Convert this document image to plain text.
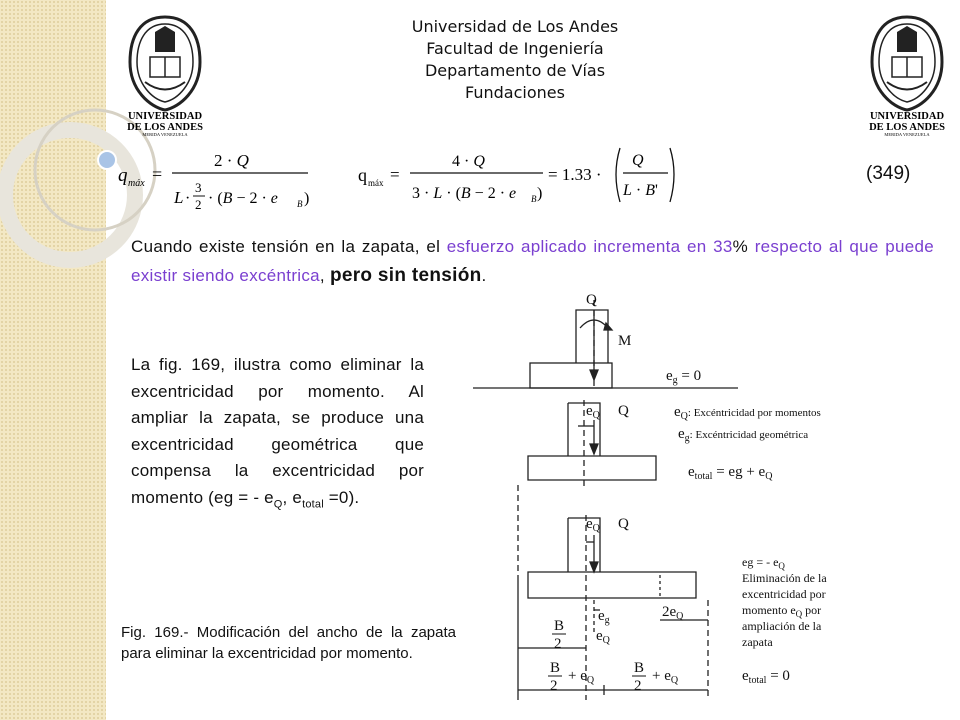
UNIVERSIDAD
DE LOS ANDES
MERIDA VENEZUELA
UNIVERSIDAD
DE LOS ANDES
MERIDA VENEZUELA
Universidad de Los Andes
Facultad de Ingeniería
Departamento de Vías
Fundaciones
q máx =
2 · Q
L ·
3
2 · (B − 2 · e B )
q máx =
4 · Q
3 · L · (B − 2 · e B )
= 1.33 ·
Q
L · B'
(349)
Cuando existe tensión en la zapata, el esfuerzo aplicado incrementa en 33% respecto al que puede existir siendo excéntrica, pero sin tensión.
La fig. 169, ilustra como eliminar la excentricidad por momento. Al ampliar la zapata, se produce una excentricidad geométrica que compensa la excentricidad por momento (eg = - $e_Q$, $e_{total} =0$).
Fig. 169.- Modificación del ancho de la zapata para eliminar la excentricidad por momento.
Q
M
$e_g = 0$
$e_Q$ Q	$e_Q^{: Excéntricidad por momentos}$
$e_g^{: Excéntricidad geométrica}$
$e_{total}$ = eg + $e_Q$
$e_Q$ Q
eg = - $e_Q$
Eliminación de la
excentricidad por
momento $e_Q$ por
ampliación de la
zapata
$e_{total} = 0$
$e_g$
$2e_Q$
$e_Q$
B
2
B
2
+ $e_Q$
B
2
+ $e_Q$
